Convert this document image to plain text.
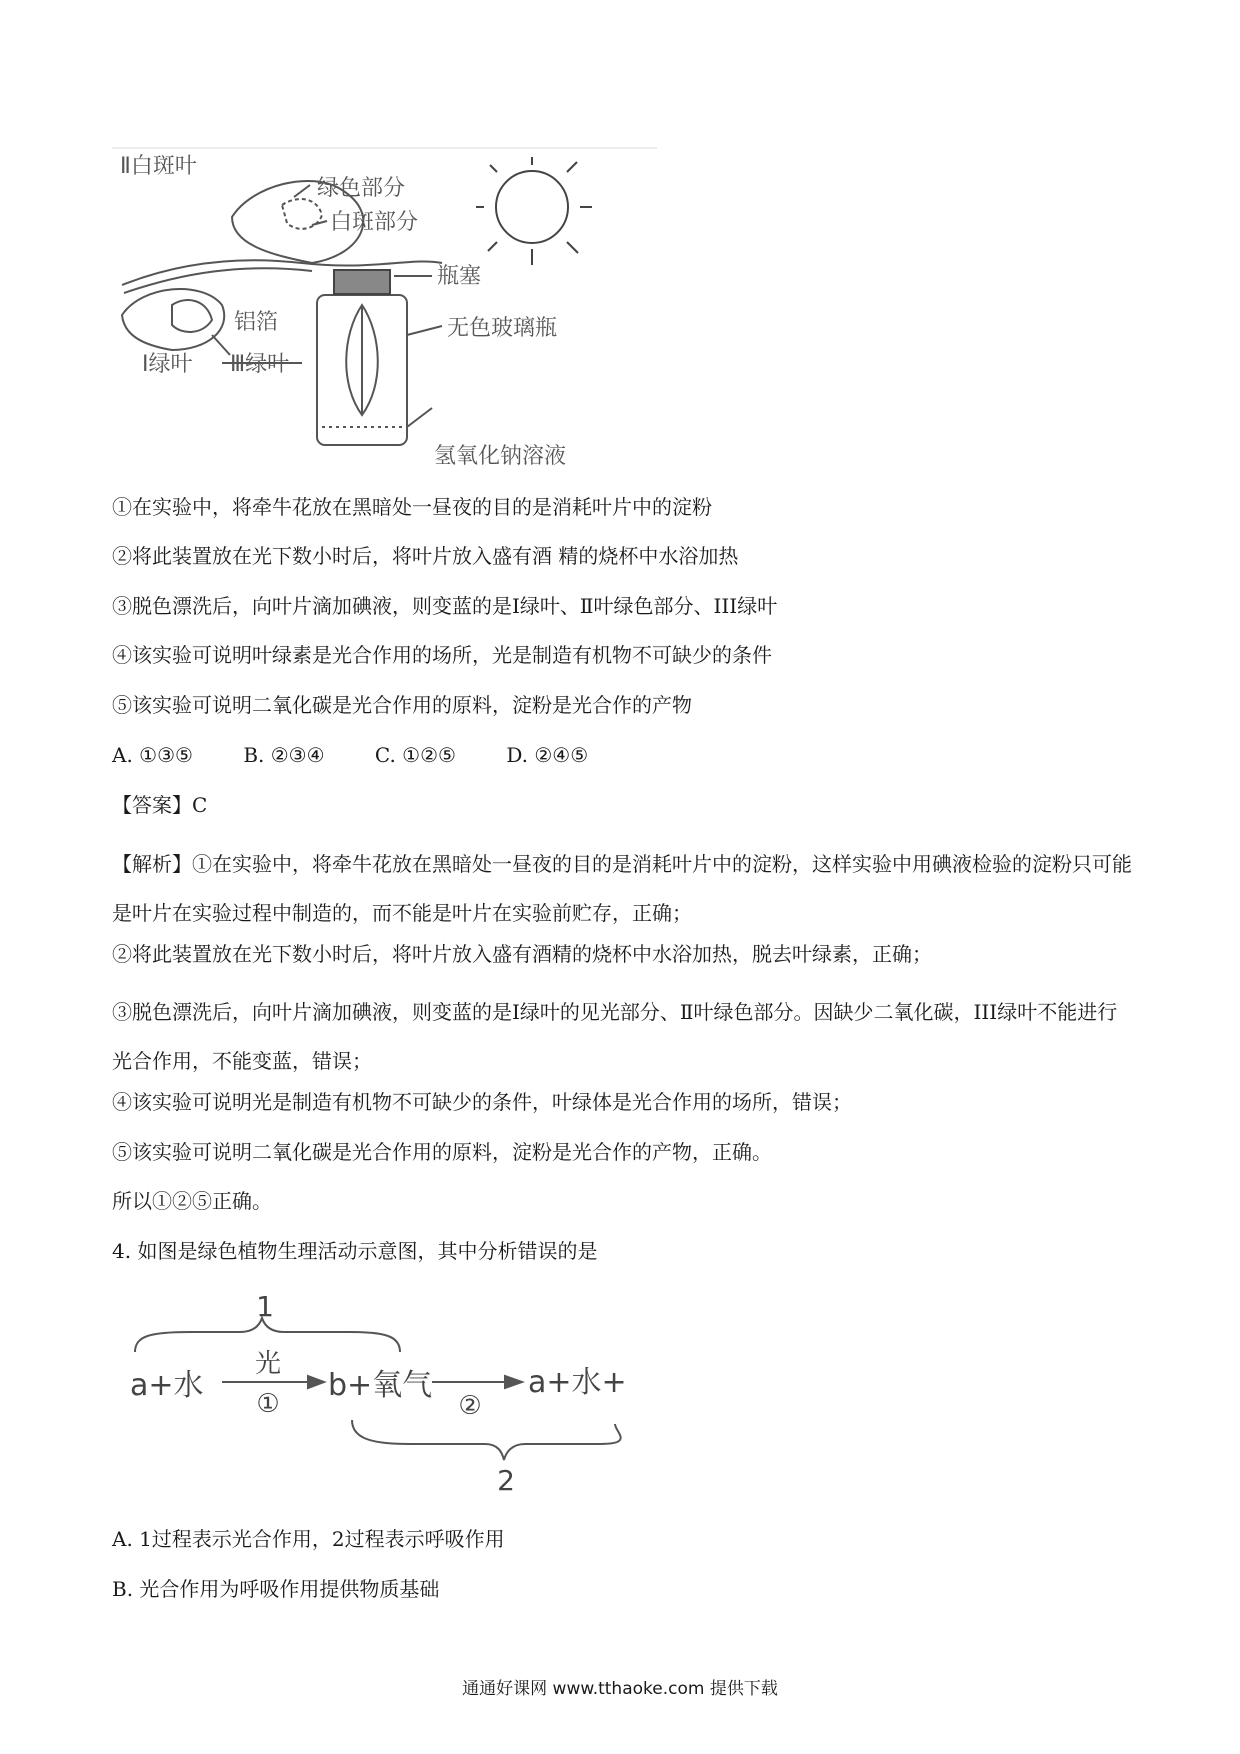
Ⅱ白斑叶
绿色部分
白斑部分
瓶塞
铝箔	无色玻璃瓶
Ⅰ绿叶 Ⅲ绿叶
氢氧化钠溶液
①在实验中，将牵牛花放在黑暗处一昼夜的目的是消耗叶片中的淀粉
②将此装置放在光下数小时后，将叶片放入盛有酒 精的烧杯中水浴加热
③脱色漂洗后，向叶片滴加碘液，则变蓝的是Ⅰ绿叶、Ⅱ叶绿色部分、III绿叶
④该实验可说明叶绿素是光合作用的场所，光是制造有机物不可缺少的条件
⑤该实验可说明二氧化碳是光合作用的原料，淀粉是光合作的产物
A. ①③⑤	B. ②③④	C. ①②⑤	D. ②④⑤
【答案】C
【解析】①在实验中，将牵牛花放在黑暗处一昼夜的目的是消耗叶片中的淀粉，这样实验中用碘液检验的淀粉只可能是叶片在实验过程中制造的，而不能是叶片在实验前贮存，正确；
②将此装置放在光下数小时后，将叶片放入盛有酒精的烧杯中水浴加热，脱去叶绿素，正确；
③脱色漂洗后，向叶片滴加碘液，则变蓝的是Ⅰ绿叶的见光部分、Ⅱ叶绿色部分。因缺少二氧化碳，III绿叶不能进行光合作用，不能变蓝，错误；
④该实验可说明光是制造有机物不可缺少的条件，叶绿体是光合作用的场所，错误；
⑤该实验可说明二氧化碳是光合作用的原料，淀粉是光合作的产物，正确。
所以①②⑤正确。
4. 如图是绿色植物生理活动示意图，其中分析错误的是
1
a+水
光
①
b+氧气
②
a+水+
2
A. 1过程表示光合作用，2过程表示呼吸作用
B. 光合作用为呼吸作用提供物质基础
通通好课网 www.tthaoke.com 提供下载
